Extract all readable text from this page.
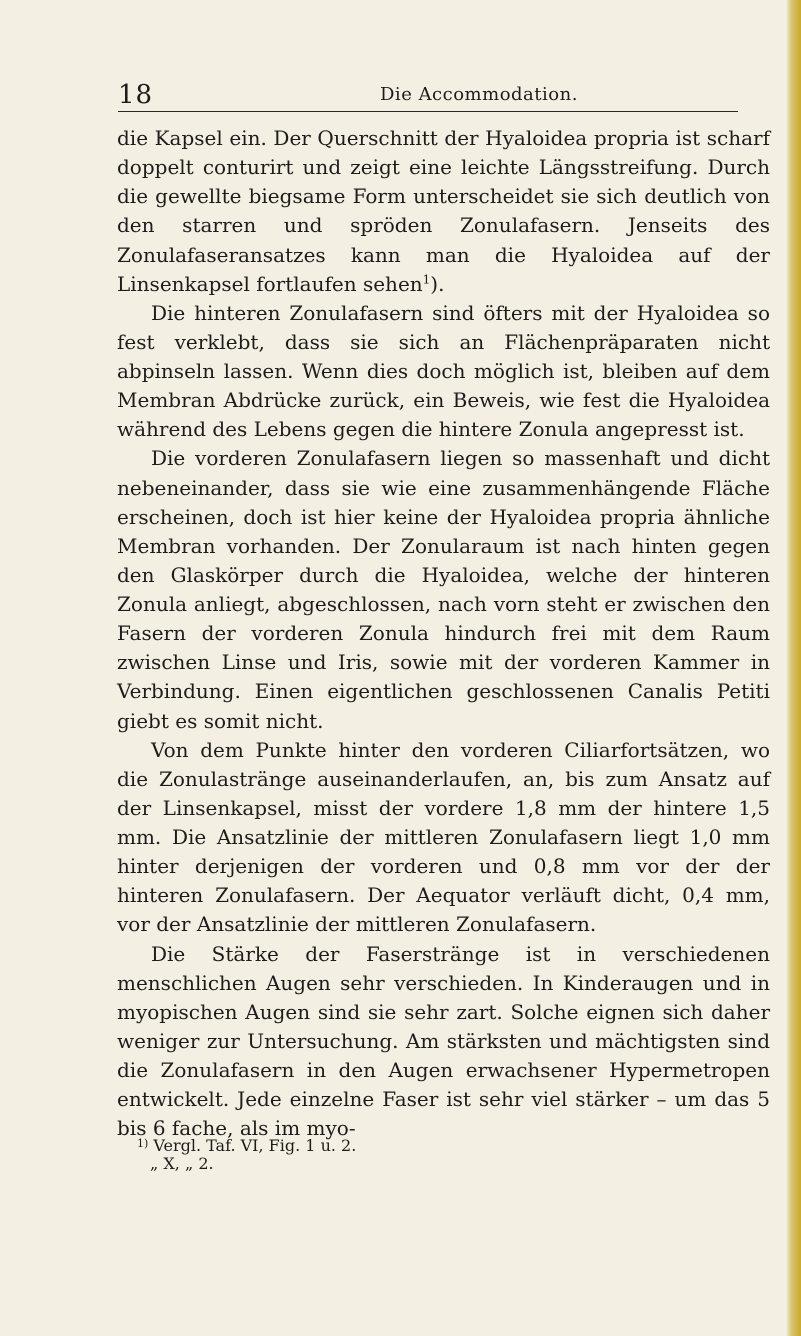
18	Die Accommodation.

die Kapsel ein. Der Querschnitt der Hyaloidea propria ist scharf doppelt conturirt und zeigt eine leichte Längsstreifung. Durch die gewellte biegsame Form unterscheidet sie sich deutlich von den starren und spröden Zonulafasern. Jenseits des Zonulafaseransatzes kann man die Hyaloidea auf der Linsenkapsel fortlaufen sehen$^1$).

Die hinteren Zonulafasern sind öfters mit der Hyaloidea so fest verklebt, dass sie sich an Flächenpräparaten nicht abpinseln lassen. Wenn dies doch möglich ist, bleiben auf dem Membran Abdrücke zurück, ein Beweis, wie fest die Hyaloidea während des Lebens gegen die hintere Zonula angepresst ist.

Die vorderen Zonulafasern liegen so massenhaft und dicht nebeneinander, dass sie wie eine zusammenhängende Fläche erscheinen, doch ist hier keine der Hyaloidea propria ähnliche Membran vorhanden. Der Zonularaum ist nach hinten gegen den Glaskörper durch die Hyaloidea, welche der hinteren Zonula anliegt, abgeschlossen, nach vorn steht er zwischen den Fasern der vorderen Zonula hindurch frei mit dem Raum zwischen Linse und Iris, sowie mit der vorderen Kammer in Verbindung. Einen eigentlichen geschlossenen Canalis Petiti giebt es somit nicht.

Von dem Punkte hinter den vorderen Ciliarfortsätzen, wo die Zonulastränge auseinanderlaufen, an, bis zum Ansatz auf der Linsenkapsel, misst der vordere 1,8 mm der hintere 1,5 mm. Die Ansatzlinie der mittleren Zonulafasern liegt 1,0 mm hinter derjenigen der vorderen und 0,8 mm vor der der hinteren Zonulafasern. Der Aequator verläuft dicht, 0,4 mm, vor der Ansatzlinie der mittleren Zonulafasern.

Die Stärke der Faserstränge ist in verschiedenen menschlichen Augen sehr verschieden. In Kinderaugen und in myopischen Augen sind sie sehr zart. Solche eignen sich daher weniger zur Untersuchung. Am stärksten und mächtigsten sind die Zonulafasern in den Augen erwachsener Hypermetropen entwickelt. Jede einzelne Faser ist sehr viel stärker – um das 5 bis 6 fache, als im myo-

$^{1)}$ Vergl. Taf. VI, Fig. 1 u. 2.
„ X, „ 2.
